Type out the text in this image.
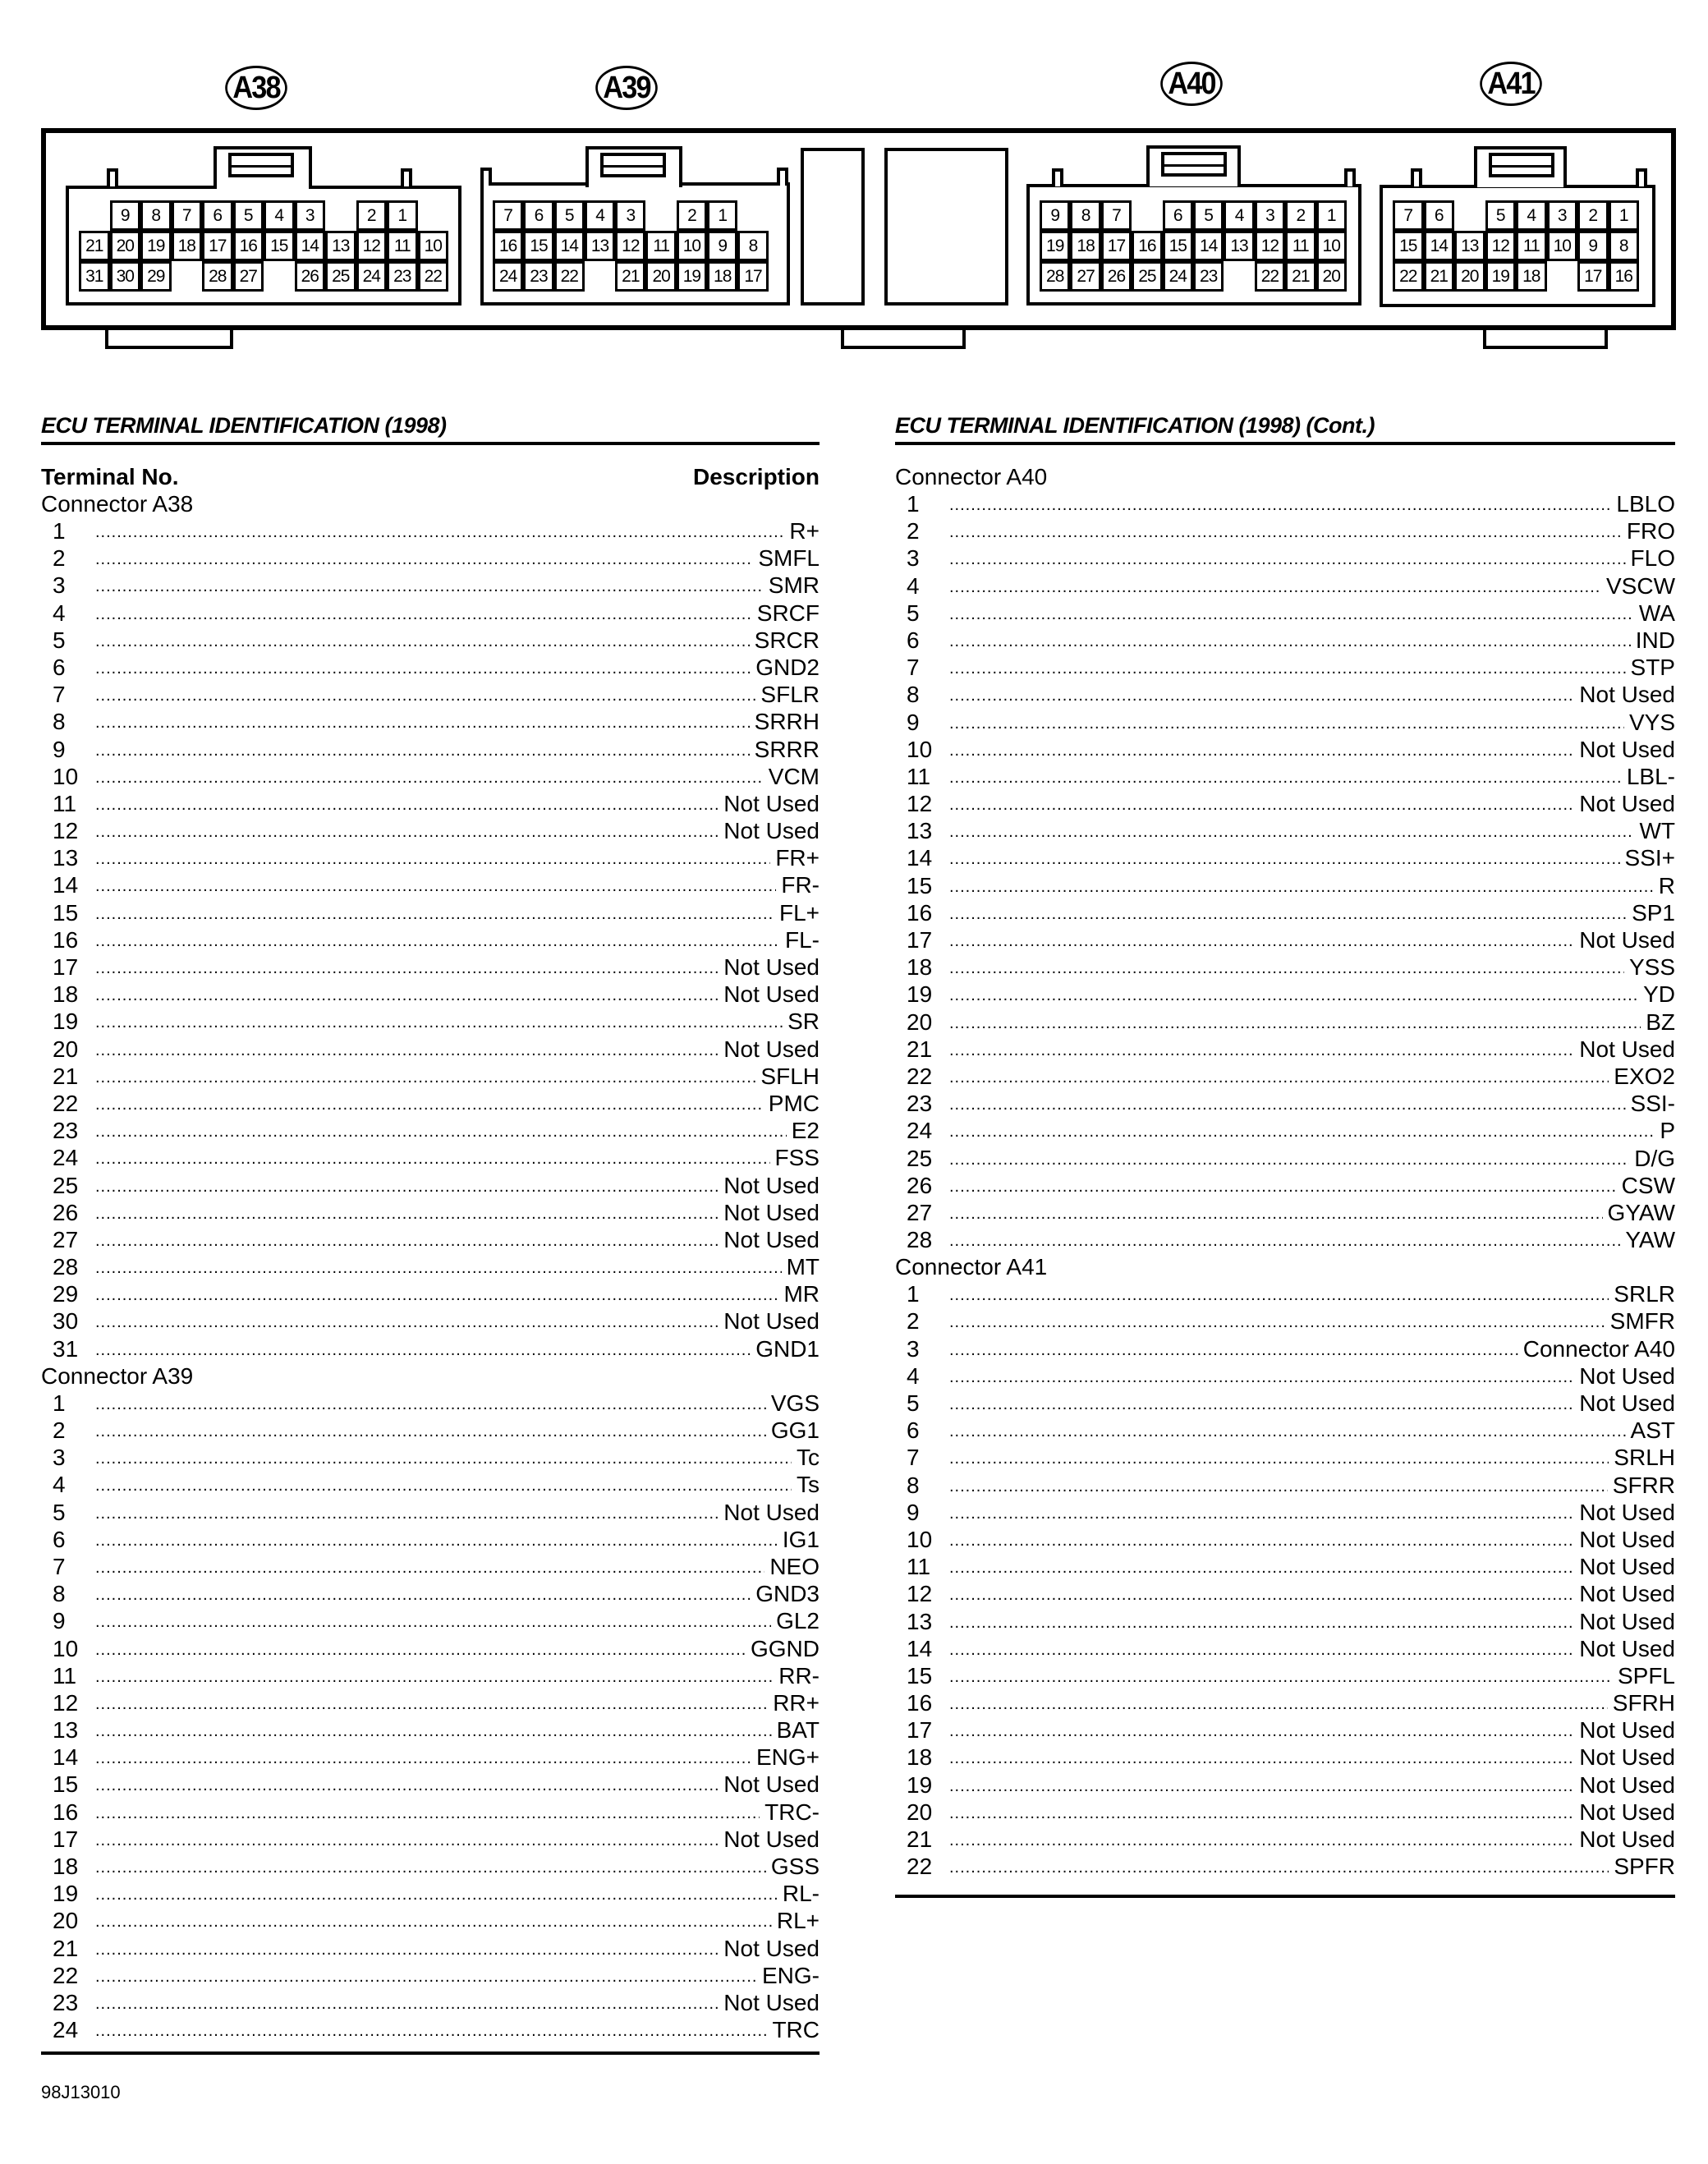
A38	A39	A40	A41
9	8	7	6	5	4	3	2	1
21 20 19 18 17 16 15 14 13 12 11 10
31 30 29	28 27	26 25 24 23 22
7	6	5	4	3	2	1
16 15 14 13 12 11 10	9	8
24 23 22	21 20 19 18 17
9	8	7	6	5	4	3	2	1
19 18 17 16 15 14 13 12 11 10
28 27 26 25 24 23	22 21 20
7	6	5	4	3	2	1
15 14 13 12 11 10	9	8
22 21 20 19 18	17 16
ECU TERMINAL IDENTIFICATION (1998)
Terminal No.	Description
Connector A38
1 .....	R+
2 .....	SMFL
3 .....	SMR
4 .....	SRCF
5 .....	SRCR
6 .....	GND2
7 .....	SFLR
8 .....	SRRH
9 .....	SRRR
10 .....	VCM
11 .....	Not Used
12 .....	Not Used
13 .....	FR+
14 .....	FR-
15 .....	FL+
16 .....	FL-
17 .....	Not Used
18 .....	Not Used
19 .....	SR
20 .....	Not Used
21 .....	SFLH
22 .....	PMC
23 .....	E2
24 .....	FSS
25 .....	Not Used
26 .....	Not Used
27 .....	Not Used
28 .....	MT
29 .....	MR
30 .....	Not Used
31 .....	GND1
Connector A39
1 .....	VGS
2 .....	GG1
3 .....	Tc
4 .....	Ts
5 .....	Not Used
6 .....	IG1
7 .....	NEO
8 .....	GND3
9 .....	GL2
10 .....	GGND
11 .....	RR-
12 .....	RR+
13 .....	BAT
14 .....	ENG+
15 .....	Not Used
16 .....	TRC-
17 .....	Not Used
18 .....	GSS
19 .....	RL-
20 .....	RL+
21 .....	Not Used
22 .....	ENG-
23 .....	Not Used
24 .....	TRC
ECU TERMINAL IDENTIFICATION (1998) (Cont.)
Connector A40
1 .....	LBLO
2 .....	FRO
3 .....	FLO
4 .....	VSCW
5 .....	WA
6 .....	IND
7 .....	STP
8 .....	Not Used
9 .....	VYS
10 .....	Not Used
11 .....	LBL-
12 .....	Not Used
13 .....	WT
14 .....	SSI+
15 .....	R
16 .....	SP1
17 .....	Not Used
18 .....	YSS
19 .....	YD
20 .....	BZ
21 .....	Not Used
22 .....	EXO2
23 .....	SSI-
24 .....	P
25 .....	D/G
26 .....	CSW
27 .....	GYAW
28 .....	YAW
Connector A41
1 .....	SRLR
2 .....	SMFR
3 .....	Connector A40
4 .....	Not Used
5 .....	Not Used
6 .....	AST
7 .....	SRLH
8 .....	SFRR
9 .....	Not Used
10 .....	Not Used
11 .....	Not Used
12 .....	Not Used
13 .....	Not Used
14 .....	Not Used
15 .....	SPFL
16 .....	SFRH
17 .....	Not Used
18 .....	Not Used
19 .....	Not Used
20 .....	Not Used
21 .....	Not Used
22 .....	SPFR
98J13010
